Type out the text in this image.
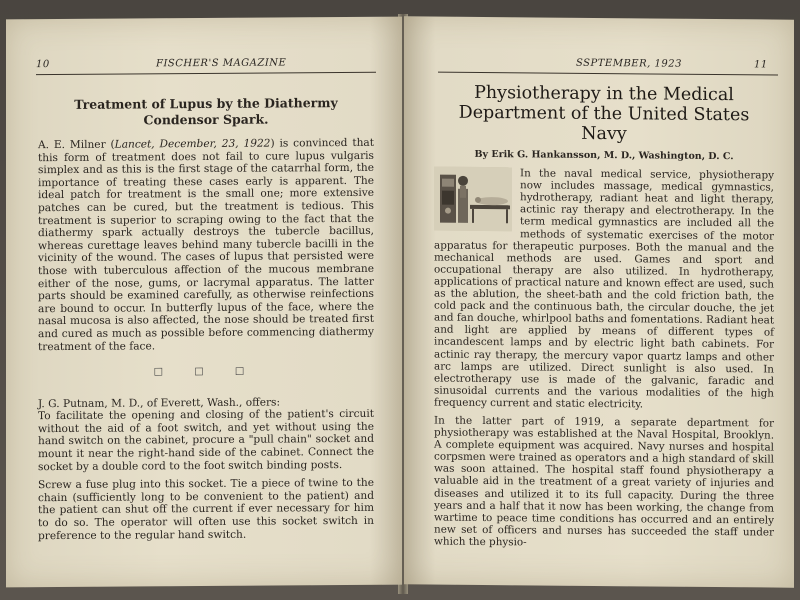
10	FISCHER'S MAGAZINE
Treatment of Lupus by the Diathermy Condensor Spark.

A. E. Milner (Lancet, December, 23, 1922) is convinced that this form of treatment does not fail to cure lupus vulgaris simplex and as this is the first stage of the catarrhal form, the importance of treating these cases early is apparent. The ideal patch for treatment is the small one; more extensive patches can be cured, but the treatment is tedious. This treatment is superior to scraping owing to the fact that the diathermy spark actually destroys the tubercle bacillus, whereas curettage leaves behind many tubercle bacilli in the vicinity of the wound. The cases of lupus that persisted were those with tuberculous affection of the mucous membrane either of the nose, gums, or lacrymal apparatus. The latter parts should be examined carefully, as otherwise reinfections are bound to occur. In butterfly lupus of the face, where the nasal mucosa is also affected, the nose should be treated first and cured as much as possible before commencing diathermy treatment of the face.

□ □ □

J. G. Putnam, M. D., of Everett, Wash., offers:

To facilitate the opening and closing of the patient's circuit without the aid of a foot switch, and yet without using the hand switch on the cabinet, procure a "pull chain" socket and mount it near the right-hand side of the cabinet. Connect the socket by a double cord to the foot switch binding posts.

Screw a fuse plug into this socket. Tie a piece of twine to the chain (sufficiently long to be convenient to the patient) and the patient can shut off the current if ever necessary for him to do so. The operator will often use this socket switch in preference to the regular hand switch.

SSPTEMBER, 1923	11
Physiotherapy in the Medical Department of the United States Navy
By Erik G. Hankansson, M. D., Washington, D. C.

In the naval medical service, physiotherapy now includes massage, medical gymnastics, hydrotherapy, radiant heat and light therapy, actinic ray therapy and electrotherapy. In the term medical gymnastics are included all the methods of systematic exercises of the motor apparatus for therapeutic purposes. Both the manual and the mechanical methods are used. Games and sport and occupational therapy are also utilized. In hydrotherapy, applications of practical nature and known effect are used, such as the ablution, the sheet-bath and the cold friction bath, the cold pack and the continuous bath, the circular douche, the jet and fan douche, whirlpool baths and fomentations. Radiant heat and light are applied by means of different types of incandescent lamps and by electric light bath cabinets. For actinic ray therapy, the mercury vapor quartz lamps and other arc lamps are utilized. Direct sunlight is also used. In electrotherapy use is made of the galvanic, faradic and sinusoidal currents and the various modalities of the high frequency current and static electricity.

In the latter part of 1919, a separate department for physiotherapy was established at the Naval Hospital, Brooklyn. A complete equipment was acquired. Navy nurses and hospital corpsmen were trained as operators and a high standard of skill was soon attained. The hospital staff found physiotherapy a valuable aid in the treatment of a great variety of injuries and diseases and utilized it to its full capacity. During the three years and a half that it now has been working, the change from wartime to peace time conditions has occurred and an entirely new set of officers and nurses has succeeded the staff under which the physio-
